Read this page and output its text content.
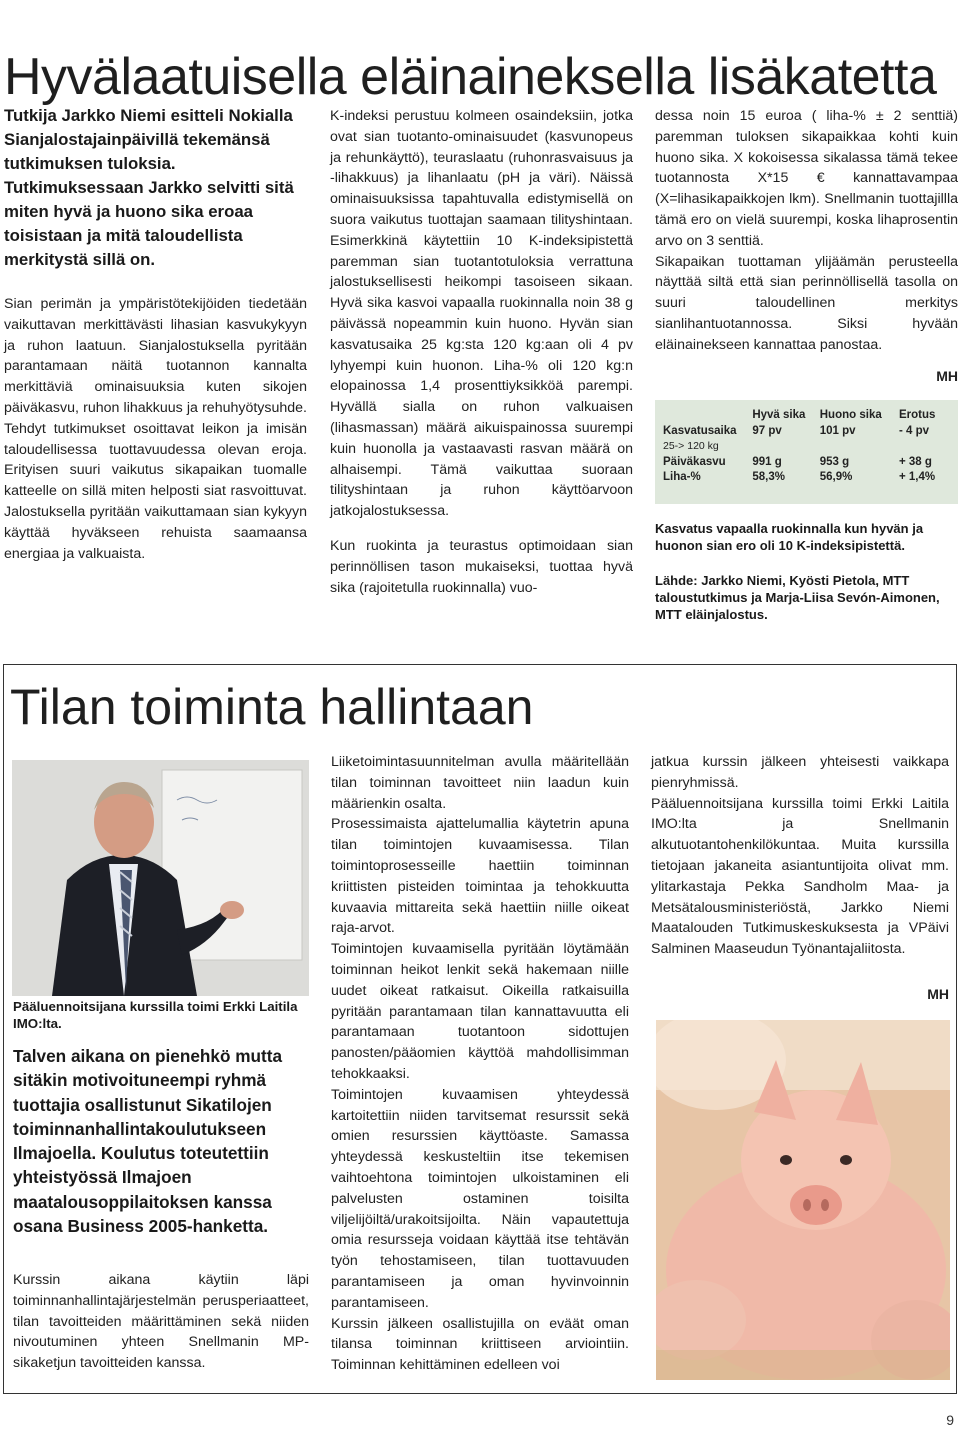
Hyvälaatuisella eläinaineksella lisäkatetta
Tutkija Jarkko Niemi esitteli Nokialla Sianjalostajainpäivillä tekemänsä tutkimuksen tuloksia. Tutkimuksessaan Jarkko selvitti sitä miten hyvä ja huono sika eroaa toisistaan ja mitä taloudellista merkitystä sillä on.

Sian perimän ja ympäristötekijöiden tiedetään vaikuttavan merkittävästi lihasian kasvukykyyn ja ruhon laatuun. Sianjalostuksella pyritään parantamaan näitä tuotannon kannalta merkittäviä ominaisuuksia kuten sikojen päiväkasvu, ruhon lihakkuus ja rehuhyötysuhde. Tehdyt tutkimukset osoittavat leikon ja imisän taloudellisessa tuottavuudessa olevan eroja. Erityisen suuri vaikutus sikapaikan tuomalle katteelle on sillä miten helposti siat rasvoittuvat. Jalostuksella pyritään vaikuttamaan sian kykyyn käyttää hyväkseen rehuista saamaansa energiaa ja valkuaista.

K-indeksi perustuu kolmeen osaindeksiin, jotka ovat sian tuotanto-ominaisuudet (kasvunopeus ja rehunkäyttö), teuraslaatu (ruhonrasvaisuus ja -lihakkuus) ja lihanlaatu (pH ja väri). Näissä ominaisuuksissa tapahtuvalla edistymisellä on suora vaikutus tuottajan saamaan tilityshintaan. Esimerkkinä käytettiin 10 K-indeksipistettä paremman sian tuotantotuloksia verrattuna jalostuksellisesti heikompi tasoiseen sikaan. Hyvä sika kasvoi vapaalla ruokinnalla noin 38 g päivässä nopeammin kuin huono. Hyvän sian kasvatusaika 25 kg:sta 120 kg:aan oli 4 pv lyhyempi kuin huonon. Liha-% oli 120 kg:n elopainossa 1,4 prosenttiyksikköä parempi. Hyvällä sialla on ruhon valkuaisen (lihasmassan) määrä aikuispainossa suurempi kuin huonolla ja vastaavasti rasvan määrä on alhaisempi. Tämä vaikuttaa suoraan tilityshintaan ja ruhon käyttöarvoon jatkojalostuksessa.

Kun ruokinta ja teurastus optimoidaan sian perinnöllisen tason mukaiseksi, tuottaa hyvä sika (rajoitetulla ruokinnalla) vuo-

dessa noin 15 euroa ( liha-% ± 2 senttiä) paremman tuloksen sikapaikkaa kohti kuin huono sika. X kokoisessa sikalassa tämä tekee tuotannosta X*15 € kannattavampaa (X=lihasikapaikkojen lkm). Snellmanin tuottajillla tämä ero on vielä suurempi, koska lihaprosentin arvo on 3 senttiä.

Sikapaikan tuottaman ylijäämän perusteella näyttää siltä että sian perinnöllisellä tasolla on suuri taloudellinen merkitys sianlihantuotannossa. Siksi hyvään eläinainekseen kannattaa panostaa.

MH
	Hyvä sika	Huono sika	Erotus
Kasvatusaika	97 pv	101 pv	- 4 pv
25-> 120 kg			
Päiväkasvu	991 g	953 g	+ 38 g
Liha-%	58,3%	56,9%	+ 1,4%
Kasvatus vapaalla ruokinnalla kun hyvän ja huonon sian ero oli 10 K-indeksipistettä.
Lähde: Jarkko Niemi, Kyösti Pietola, MTT taloustutkimus ja Marja-Liisa Sevón-Aimonen, MTT eläinjalostus.
Tilan toiminta hallintaan
Pääluennoitsijana kurssilla toimi Erkki Laitila IMO:lta.
Talven aikana on pienehkö mutta sitäkin motivoituneempi ryhmä tuottajia osallistunut Sikatilojen toiminnanhallintakoulutukseen Ilmajoella. Koulutus toteutettiin yhteistyössä Ilmajoen maatalousoppilaitoksen kanssa osana Business 2005-hanketta.

Kurssin aikana käytiin läpi toiminnanhallintajärjestelmän perusperiaatteet, tilan tavoitteiden määrittäminen sekä niiden nivoutuminen yhteen Snellmanin MP-sikaketjun tavoitteiden kanssa.

Liiketoimintasuunnitelman avulla määritellään tilan toiminnan tavoitteet niin laadun kuin määrienkin osalta.

Prosessimaista ajattelumallia käytetrin apuna tilan toimintojen kuvaamisessa. Tilan toimintoprosesseille haettiin toiminnan kriittisten pisteiden toimintaa ja tehokkuutta kuvaavia mittareita sekä haettiin niille oikeat raja-arvot.

Toimintojen kuvaamisella pyritään löytämään toiminnan heikot lenkit sekä hakemaan niille uudet oikeat ratkaisut. Oikeilla ratkaisuilla pyritään parantamaan tilan kannattavuutta eli parantamaan tuotantoon sidottujen panosten/pääomien käyttöä mahdollisimman tehokkaaksi.

Toimintojen kuvaamisen yhteydessä kartoitettiin niiden tarvitsemat resurssit sekä omien resurssien käyttöaste. Samassa yhteydessä keskusteltiin itse tekemisen vaihtoehtona toimintojen ulkoistaminen eli palvelusten ostaminen toisilta viljelijöiltä/urakoitsijoilta. Näin vapautettuja omia resursseja voidaan käyttää itse tehtävän työn tehostamiseen, tilan tuottavuuden parantamiseen ja oman hyvinvoinnin parantamiseen.

Kurssin jälkeen osallistujilla on eväät oman tilansa toiminnan kriittiseen arviointiin. Toiminnan kehittäminen edelleen voi

jatkua kurssin jälkeen yhteisesti vaikkapa pienryhmissä.

Pääluennoitsijana kurssilla toimi Erkki Laitila IMO:lta ja Snellmanin alkutuotantohenkilökuntaa. Muita kurssilla tietojaan jakaneita asiantuntijoita olivat mm. ylitarkastaja Pekka Sandholm Maa- ja Metsätalousministeriöstä, Jarkko Niemi Maatalouden Tutkimuskeskuksesta ja VPäivi Salminen Maaseudun Työnantajaliitosta.

MH
9
